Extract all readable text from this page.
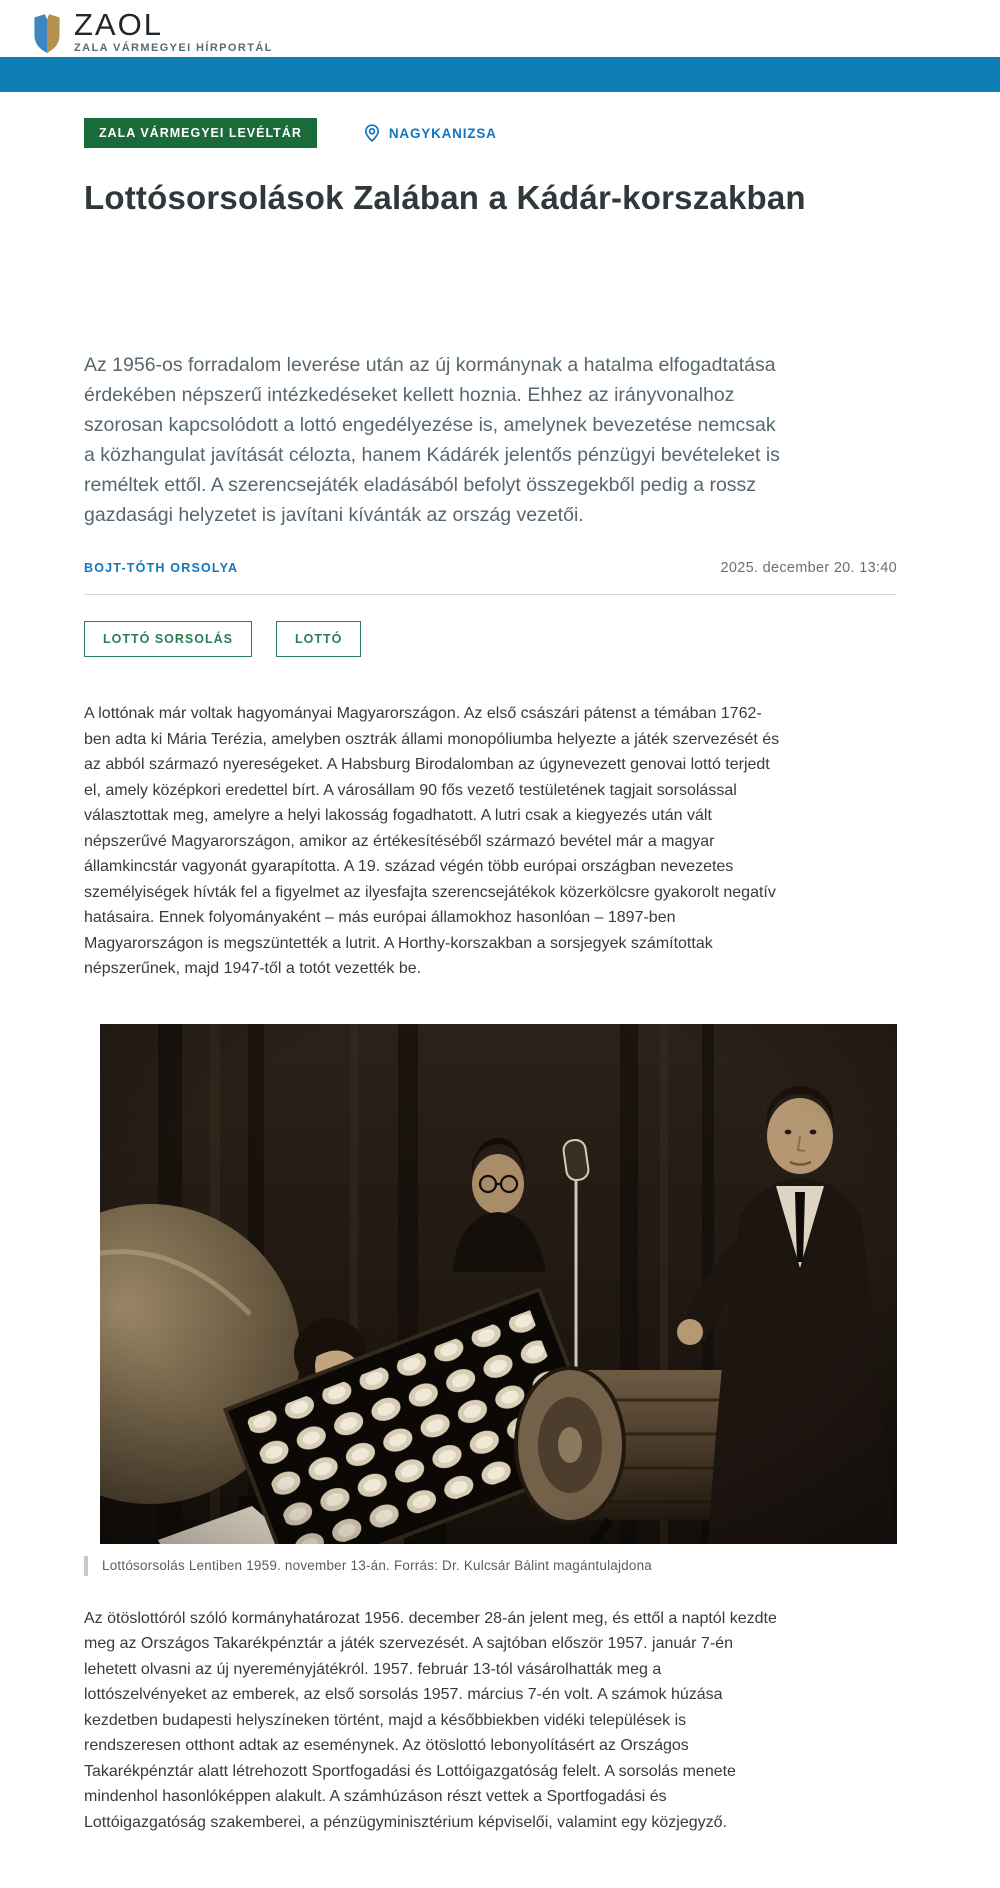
ZAOL
ZALA VÁRMEGYEI HÍRPORTÁL
ZALA VÁRMEGYEI LEVÉLTÁR	NAGYKANIZSA
Lottósorsolások Zalában a Kádár-korszakban

Az 1956-os forradalom leverése után az új kormánynak a hatalma elfogadtatása érdekében népszerű intézkedéseket kellett hoznia. Ehhez az irányvonalhoz szorosan kapcsolódott a lottó engedélyezése is, amelynek bevezetése nemcsak a közhangulat javítását célozta, hanem Kádárék jelentős pénzügyi bevételeket is reméltek ettől. A szerencsejáték eladásából befolyt összegekből pedig a rossz gazdasági helyzetet is javítani kívánták az ország vezetői.

BOJT-TÓTH ORSOLYA	2025. december 20. 13:40
LOTTÓ SORSOLÁS	LOTTÓ

A lottónak már voltak hagyományai Magyarországon. Az első császári pátenst a témában 1762-ben adta ki Mária Terézia, amelyben osztrák állami monopóliumba helyezte a játék szervezését és az abból származó nyereségeket. A Habsburg Birodalomban az úgynevezett genovai lottó terjedt el, amely középkori eredettel bírt. A városállam 90 fős vezető testületének tagjait sorsolással választottak meg, amelyre a helyi lakosság fogadhatott. A lutri csak a kiegyezés után vált népszerűvé Magyarországon, amikor az értékesítéséből származó bevétel már a magyar államkincstár vagyonát gyarapította. A 19. század végén több európai országban nevezetes személyiségek hívták fel a figyelmet az ilyesfajta szerencsejátékok közerkölcsre gyakorolt negatív hatásaira. Ennek folyományaként – más európai államokhoz hasonlóan – 1897-ben Magyarországon is megszüntették a lutrit. A Horthy-korszakban a sorsjegyek számítottak népszerűnek, majd 1947-től a totót vezették be.

Lottósorsolás Lentiben 1959. november 13-án. Forrás: Dr. Kulcsár Bálint magántulajdona

Az ötöslottóról szóló kormányhatározat 1956. december 28-án jelent meg, és ettől a naptól kezdte meg az Országos Takarékpénztár a játék szervezését. A sajtóban először 1957. január 7-én lehetett olvasni az új nyereményjátékról. 1957. február 13-tól vásárolhatták meg a lottószelvényeket az emberek, az első sorsolás 1957. március 7-én volt. A számok húzása kezdetben budapesti helyszíneken történt, majd a későbbiekben vidéki települések is rendszeresen otthont adtak az eseménynek. Az ötöslottó lebonyolításért az Országos Takarékpénztár alatt létrehozott Sportfogadási és Lottóigazgatóság felelt. A sorsolás menete mindenhol hasonlóképpen alakult. A számhúzáson részt vettek a Sportfogadási és Lottóigazgatóság szakemberei, a pénzügyminisztérium képviselői, valamint egy közjegyző.
